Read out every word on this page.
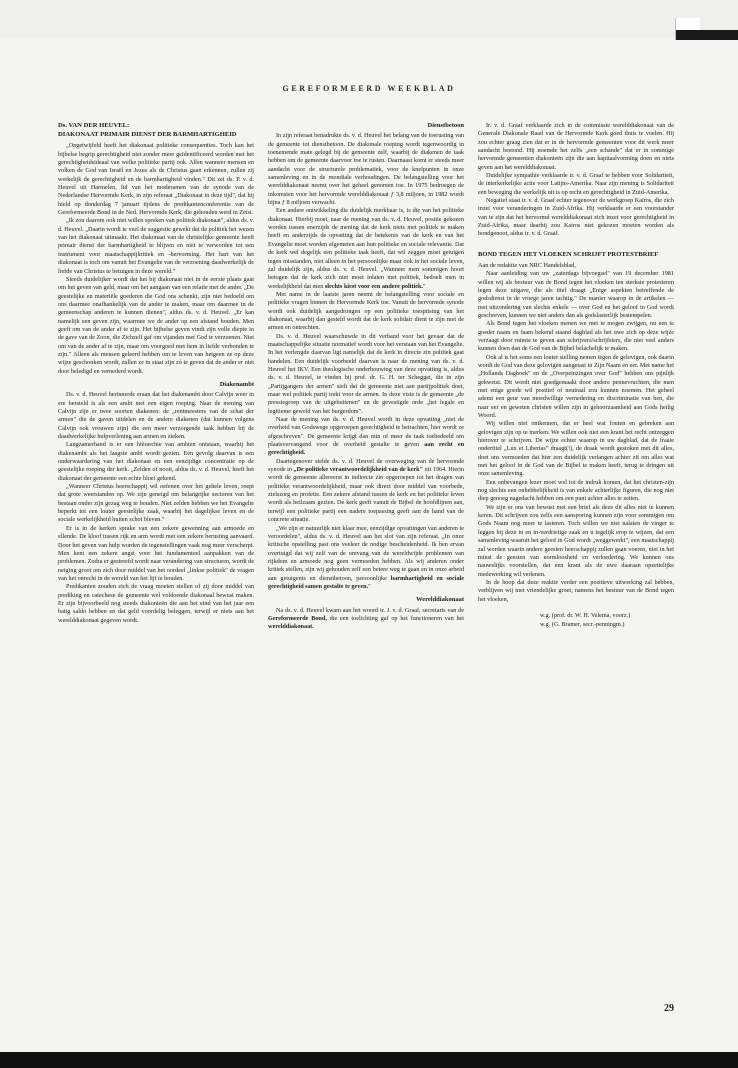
GEREFORMEERD WEEKBLAD
Ds. VAN DER HEUVEL:
DIAKONAAT PRIMAIR DIENST DER BARMHARTIGHEID

„Ongetwijfeld heeft het diakonaat politieke consequenties. Toch kan het bijbelse begrip gerechtigheid niet zonder meer geïdentificeerd worden met het gerechtigheidsideaal van welke politieke partij ook. Allen wanneer mensen en volken de God van Israël en Jezus als de Christus gaan erkennen, zullen zij werkelijk de gerechtigheid en de barmhartigheid vinden." Dit zei ds. P. v. d. Heuvel uit Harmelen, lid van het moderamen van de synode van de Nederlandse Hervormde Kerk, in zijn referaat „Diakonaat in deze tijd", dat hij hield op donderdag 7 januari tijdens de predikantenconferentie van de Gereformeerde Bond in de Ned. Hervormde Kerk, die gehouden werd in Zeist.

„Ik zou daarom ook niet willen spreken van politiek diakonaat", aldus ds. v. d. Heuvel. „Daarin wordt te veel de suggestie gewekt dat de politiek het wezen van het diakonaat uitmaakt. Het diakonaat van de christelijke gemeente heeft primair dienst der barmhartigheid te blijven en niet te verworden tot een instrument voor maatschappijkritiek en -hervorming. Het hart van het diakonaat is toch om vanuit het Evangelie van de verzoening daadwerkelijk de liefde van Christus te betuigen in deze wereld."

Steeds duidelijker wordt dat het bij diakonaat niet in de eerste plaats gaat om het geven van geld, maar om het aangaan van een relatie met de ander. „De geestelijke en materiële goederen die God ons schenkt, zijn niet bedoeld om ons daarmee onafhankelijk van de ander te maken, maar om daarmee in de gemeenschap anderen te kunnen dienen", aldus ds. v. d. Heuvel. „Er kan namelijk een geven zijn, waarmee we de ander op een afstand houden. Men geeft om van de ander af te zijn. Het bijbelse geven vindt zijn volle diepte in de gave van de Zoon, die Zichzelf gaf om vijanden met God te verzoenen. Niet om van de ander af te zijn, maar om voorgoed met hem in liefde verbonden te zijn." Alleen als mensen geleerd hebben om te leven van hetgeen ze op deze wijze geschonken wordt, zullen ze in staat zijn zó te geven dat de ander er niet door beledigd en vernederd wordt.

Diakenambt

Ds. v. d. Heuvel herinnerde eraan dat het diakenambt door Calvijn weer in ere hersteld is als een ambt met een eigen roeping. Naar de mening van Calvijn zijn er twee soorten diakenen: de „rentmeesters van de schat der armen" die de gaven uitdelen en de andere diakenen (dat kunnen volgens Calvijn ook vrouwen zijn) die een meer verzorgende taak hebben bij de daadwerkelijke hulpverlening aan armen en zieken.

Langzamerhand is er een hiërarchie van ambten ontstaan, waarbij het diakenambt als het laagste ambt wordt gezien. Een gevolg daarvan is een onderwaardering van het diakonaat en een eenzijdige concentratie op de geestelijke roeping der kerk. „Zelden of nooit, aldus ds. v. d. Heuvel, heeft het diakonaat der gemeente een echte bloei gekend.

„Wanneer Christus heerschappij wil oefenen over het gehele leven, roept dat grote weerstanden op. We zijn geneigd om belangrijke sectoren van het bestaan onder zijn gezag weg te houden. Niet zelden hebben we het Evangelie beperkt tot een louter geestelijke zaak, waarbij het dagelijkse leven en de sociale werkelijkheid buiten schot bleven."

Er is in de kerken sprake van een zekere gewenning aan armoede en ellende. De kloof tussen rijk en arm wordt met een zekere berusting aanvaard. Door het geven van hulp worden de tegenstellingen vaak nog meer verscherpt. Men kent een zekere angst voor het fundamenteel aanpakken van de problemen. Zodra er gestreefd wordt naar verandering van structuren, wordt de neiging groot om zich door middel van het oordeel „linkse politiek" de vragen van het onrecht in de wereld van het lijf te houden.

Predikanten zouden zich de vraag moeten stellen of zij door middel van prediking en catechese de gemeente wel voldoende diakonaal bewust maken. Er zijn bijvoorbeeld nog steeds diakonieën die aan het eind van het jaar een batig saldo hebben en dat geld voordelig beleggen, terwijl er niets aan het werelddiakonaat gegeven wordt.

Dienstbetoon

In zijn referaat benadrukte ds. v. d. Heuvel het belang van de toerusting van de gemeente tot dienstbetoon. De diakonale roeping wordt tegenwoordig in toenemende mate gelegd bij de gemeente zelf, waarbij de diakenen de taak hebben om de gemeente daarvoor toe te rusten. Daarnaast komt er steeds meer aandacht voor de structurele problematiek, voor de knelpunten in onze samenleving en in de mondiale verhoudingen. De belangstelling voor het werelddiakonaat neemt over het geheel genomen toe. In 1975 bedroegen de inkomsten voor het hervormde werelddiakonaat ƒ 3,8 miljoen, in 1982 wordt bijna ƒ 8 miljoen verwacht.

Een andere ontwikkeling die duidelijk merkbaar is, is die van het politieke diakonaat. Hierbij moet, naar de mening van ds. v. d. Heuvel, positie gekozen worden tussen enerzijds de mening dat de kerk niets met politiek te maken heeft en anderzijds de opvatting dat de betekenis van de kerk en van het Evangelie moet worden afgemeten aan hun politieke en sociale relevantie. Dat de kerk wel degelijk een politieke taak heeft, dat wil zeggen moet getuigen tegen misstanden, niet alleen in het persoonlijke maar ook in het sociale leven, zal duidelijk zijn, aldus ds. v. d. Heuvel. „Wanneer men sommigen hoort betogen dat de kerk zich niet moet inlaten met politiek, bedoelt men in werkelijkheid dat men slechts kiest voor een andere politiek."

Met name in de laatste jaren neemt de belangstelling voor sociale en politieke vragen binnen de Hervormde Kerk toe. Vanuit de hervormde synode wordt ook duidelijk aangedrongen op een politieke toespitsing van het diakonaat, waarbij dan gesteld wordt dat de kerk solidair dient te zijn met de armen en ontrechten.

Ds. v. d. Heuvel waarschuwde in dit verband voor het gevaar dat de maatschappelijke situatie normatief wordt voor het verstaan van het Evangelie. In het verlengde daarvan ligt namelijk dat de kerk in directe zin politiek gaat handelen. Een duidelijk voorbeeld daarvan is naar de mening van ds. v. d. Heuvel het IKV. Een theologische onderbouwing van deze opvatting is, aldus ds. v. d. Heuvel, te vinden bij prof. dr. G. H. ter Schegget, die in zijn „Partijgangers der armen" stelt dat de gemeente niet aan partijpolitiek doet, maar wel politiek partij trekt voor de armen. In deze visie is de gemeente „de pressiegroep van de uitgebuitenen" en de gevestigde orde „het legale en legitieme geweld van het burgerdom".

Naar de mening van ds. v. d. Heuvel wordt in deze opvatting „niet de overheid van Godswege opgeroepen gerechtigheid te betrachten, hier wordt ze afgeschreven". De gemeente krijgt dan min of meer de taak toebedeeld om plaatsvervangend voor de overheid gestalte te geven aan recht en gerechtigheid.

Daartegenover stelde ds. v. d. Heuvel de overweging van de hervormde synode in „De politieke verantwoordelijkheid van de kerk" uit 1964. Hierin wordt de gemeente allereerst in indirecte zin opgeroepen tot het dragen van politieke verantwoordelijkheid, maar ook direct door middel van voorbede, zielszorg en profetie. Een zekere afstand tussen de kerk en het politieke leven wordt als heilzaam gezien. De kerk geeft vanuit de Bijbel de hoofdlijnen aan, terwijl een politieke partij een nadere toepassing geeft aan de hand van de concrete situatie.

„We zijn er natuurlijk niet klaar mee, eenzijdige opvattingen van anderen te veroordelen", aldus ds. v. d. Heuvel aan het slot van zijn referaat. „In onze kritische opstelling past ons veeleer de nodige bescheidenheid. Ik ben ervan overtuigd dat wij zelf van de omvang van de wereldwijde problemen van rijkdom en armoede nog geen vermoeden hebben. Als wij anderen onder kritiek stellen, zijn wij gehouden zelf een betere weg te gaan en in onze arbeid aan getuigenis en dienstbetoon, persoonlijke barmhartigheid en sociale gerechtigheid samen gestalte te geven."

Werelddiakonaat

Na ds. v. d. Heuvel kwam aan het woord ir. J. v. d. Graaf, secretaris van de Gereformeerde Bond, die een toelichting gaf op het functioneren van het werelddiakonaat.

Ir. v. d. Graaf verklaarde zich in de commissie werelddiakonaat van de Generale Diakonale Raad van de Hervormde Kerk goed thuis te voelen. Hij zou echter graag zien dat er in de hervormde gemeenten voor dit werk meer aandacht bestond. Hij noemde het zelfs „een schande" dat er in sommige hervormde gemeenten diakonieën zijn die aan kapitaalvorming doen en niets geven aan het werelddiakonaat.

Duidelijke sympathie verklaarde ir. v. d. Graaf te hebben voor Solidariteit, de interkerkelijke actie voor Latijns-Amerika. Naar zijn mening is Solidariteit een beweging die werkelijk uit is op recht en gerechtigheid in Zuid-Amerika.

Negatief staat ir. v. d. Graaf echter tegenover de werkgroep Kairos, die zich inzet voor veranderingen in Zuid-Afrika. Hij verklaarde er een voorstander van te zijn dat het hervormd werelddiakonaat zich inzet voor gerechtigheid in Zuid-Afrika, maar daarbij zou Kairos niet gekozen moeten worden als bondgenoot, aldus ir. v. d. Graaf.

BOND TEGEN HET VLOEKEN SCHRIJFT PROTESTBRIEF

Aan de redaktie van NRC Handelsblad,

Naar aanleiding van uw „zaterdags bijvoegsel" van 19 december 1981 willen wij als bestuur van de Bond tegen het vloeken ten sterkste protesteren tegen deze uitgave, die als titel draagt „Enige aspekten betreffende de godsdienst in de vroege jaren tachtig." De manier waarop in de artikelen — met uitzondering van slechts enkele — over God en het geloof in God wordt geschreven, kunnen we niet anders dan als godslasterlijk bestempelen.

Als Bond tegen het vloeken menen we met te mogen zwijgen, nu een te goeder naam en faam bekend staand dagblad als het uwe zich op deze wijze verzaagt door ruimte te geven aan schrijvers/schrijfsters, die niet veel anders kunnen doen dan de God van de Bijbel belachelijk te maken.

Ook al is het soms een louter stelling nemen tegen de gelovigen, ook daarin wordt de God van deze gelovigen aangetast in Zijn Naam en eer. Met name het „Hollands Dagboek" en de „Overpeinzingen over God" hebben ons pijnlijk gekwetst. Dit wordt niet goedgemaakt door andere pennevruchten, die men met enige goede wil positief of neutraal zou kunnen noemen. Het geheel ademt een geur van moedwillige vernedering en discriminatie van hen, die naar eer en geweten christen willen zijn in gehoorzaamheid aan Gods heilig Woord.

Wij willen niet ontkennen, dat er heel wat fouten en gebreken aan gelovigen zijn op te merken. We willen ook niet een krant het recht ontzeggen hierover te schrijven. De wijze echter waarop in uw dagblad, dat de fraaie ondertitel „Lux et Libertas" draagt(!), de draak wordt gestoken met dit alles, doet ons vermoeden dat hier een duidelijk verlangen achter zit om alles wat met het geloof in de God van de Bijbel te maken heeft, terug te dringen uit onze samenleving.

Een onbevangen lezer moet wel tot de indruk komen, dat het christen-zijn nog slechts een onhebbelijkheid is van enkele achterlijke figuren, die nog niet diep genoeg nagedacht hebben om een punt achter alles te zetten.

We zijn er ons van bewust met een brief als deze dit alles niet te kunnen keren. Dit schrijven zou zelfs een aansporing kunnen zijn voor sommigen om Gods Naam nog meer te lasteren. Toch willen we niet nalaten de vinger te leggen bij deze in en in-verdrietige zaak en u tegelijk erop te wijzen, dat een samenleving waaruit het geloof in God wordt „weggewerkt", een maatschappij zal worden waarin andere geesten heerschappij zullen gaan voeren, niet in het minst de geesten van normloosheid en verloedering. We kunnen ons nauwelijks voorstellen, dat een krant als de uwe daaraan opzettelijke medewerking wil verlenen.

In de hoop dat deze reaktie verder een positieve uitwerking zal hebben, verblijven wij met vriendelijke groet, namens het bestuur van de Bond tegen het vloeken,

w.g. (prof. dr. W. H. Velema, voorz.)
w.g. (G. Bramer, secr.-penningm.)
29
